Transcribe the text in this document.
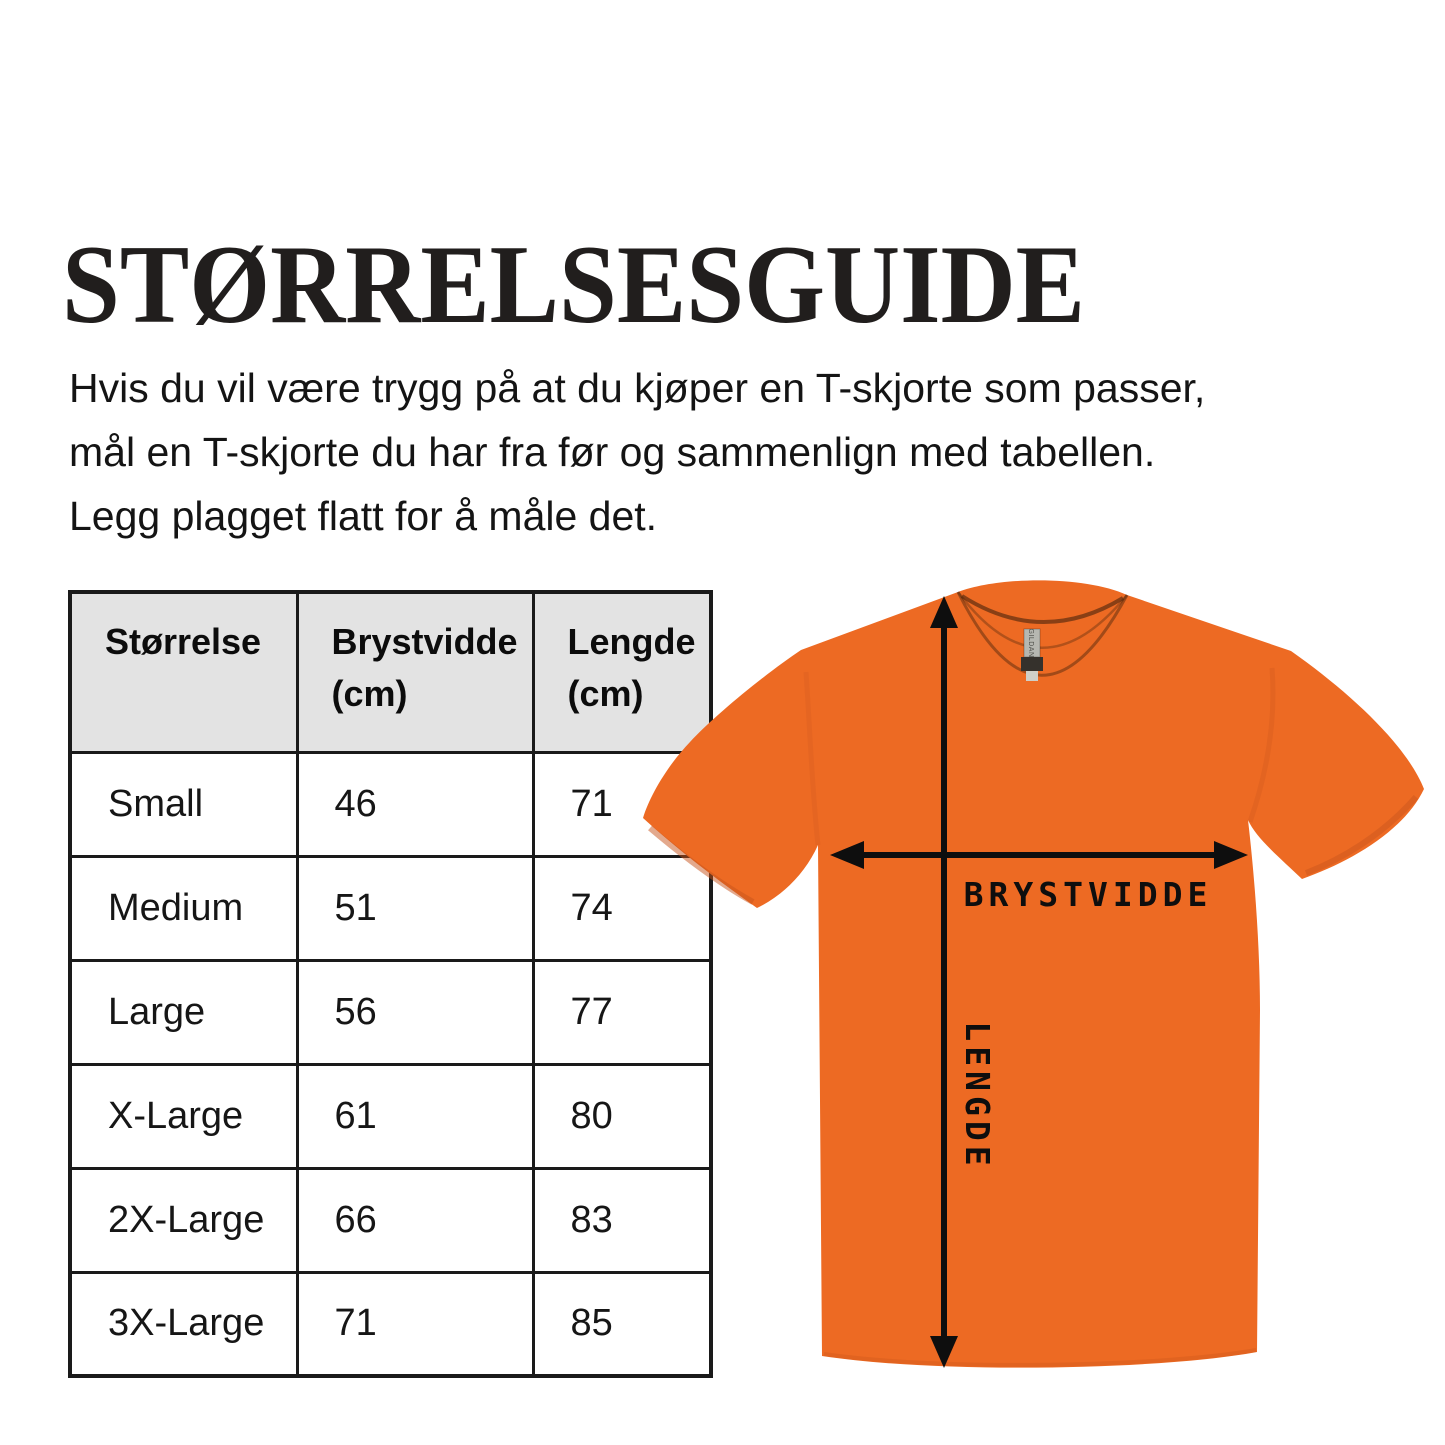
STØRRELSESGUIDE
Hvis du vil være trygg på at du kjøper en T-skjorte som passer,
mål en T-skjorte du har fra før og sammenlign med tabellen.
Legg plagget flatt for å måle det.
Størrelse	Brystvidde (cm)	Lengde (cm)
Small	46	71
Medium	51	74
Large	56	77
X-Large	61	80
2X-Large	66	83
3X-Large	71	85
GILDAN
BRYSTVIDDE
LENGDE
